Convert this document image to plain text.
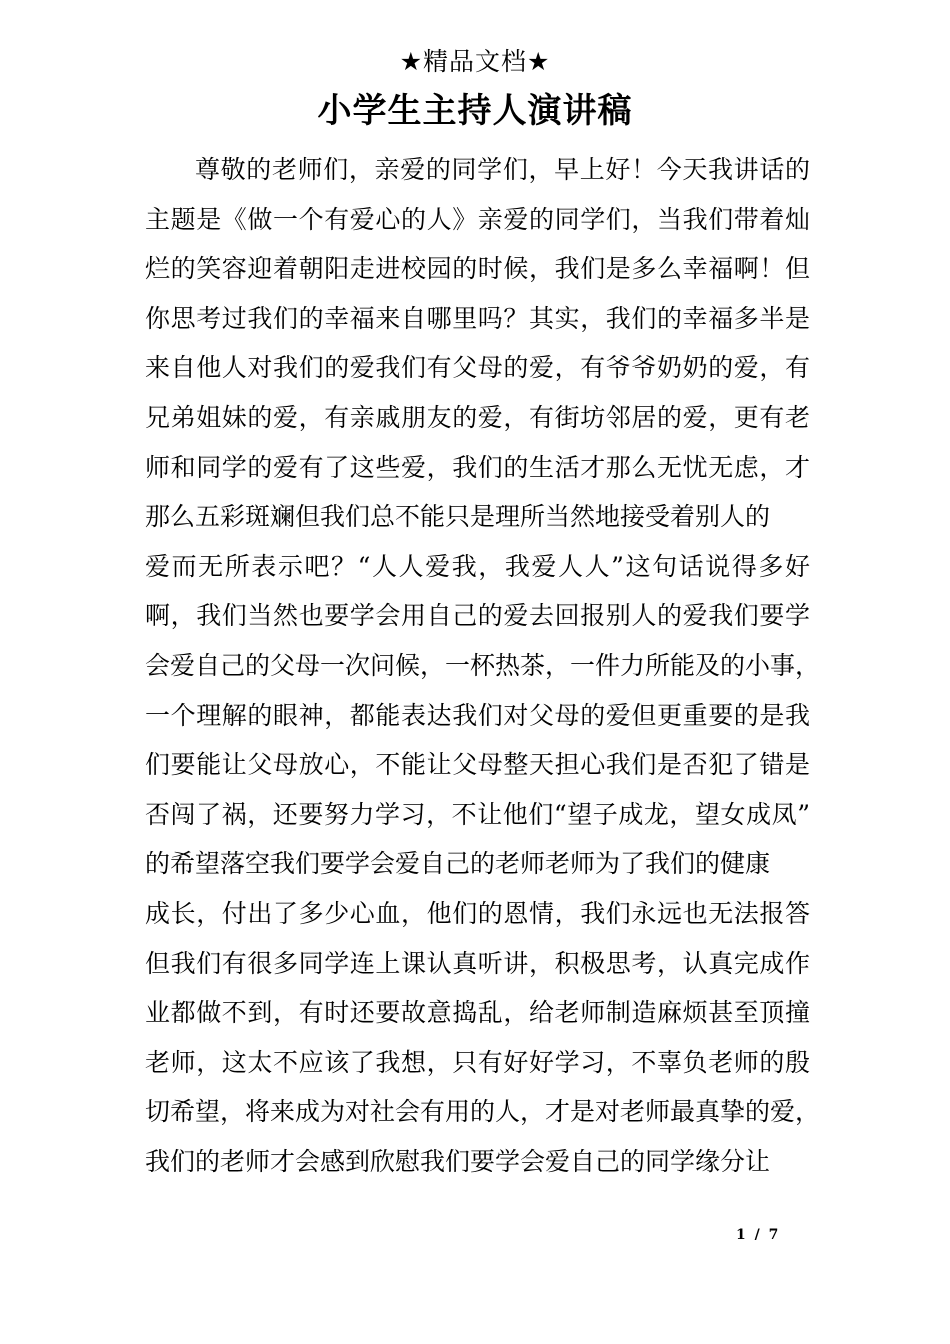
★精品文档★
小学生主持人演讲稿
尊敬的老师们，亲爱的同学们，早上好！今天我讲话的
主题是《做一个有爱心的人》亲爱的同学们，当我们带着灿
烂的笑容迎着朝阳走进校园的时候，我们是多么幸福啊！但
你思考过我们的幸福来自哪里吗？其实，我们的幸福多半是
来自他人对我们的爱我们有父母的爱，有爷爷奶奶的爱，有
兄弟姐妹的爱，有亲戚朋友的爱，有街坊邻居的爱，更有老
师和同学的爱有了这些爱，我们的生活才那么无忧无虑，才
那么五彩斑斓但我们总不能只是理所当然地接受着别人的
爱而无所表示吧？“人人爱我，我爱人人”这句话说得多好
啊，我们当然也要学会用自己的爱去回报别人的爱我们要学
会爱自己的父母一次问候，一杯热茶，一件力所能及的小事，
一个理解的眼神，都能表达我们对父母的爱但更重要的是我
们要能让父母放心，不能让父母整天担心我们是否犯了错是
否闯了祸，还要努力学习，不让他们“望子成龙，望女成凤”
的希望落空我们要学会爱自己的老师老师为了我们的健康
成长，付出了多少心血，他们的恩情，我们永远也无法报答
但我们有很多同学连上课认真听讲，积极思考，认真完成作
业都做不到，有时还要故意捣乱，给老师制造麻烦甚至顶撞
老师，这太不应该了我想，只有好好学习，不辜负老师的殷
切希望，将来成为对社会有用的人，才是对老师最真挚的爱，
我们的老师才会感到欣慰我们要学会爱自己的同学缘分让
1 / 7
